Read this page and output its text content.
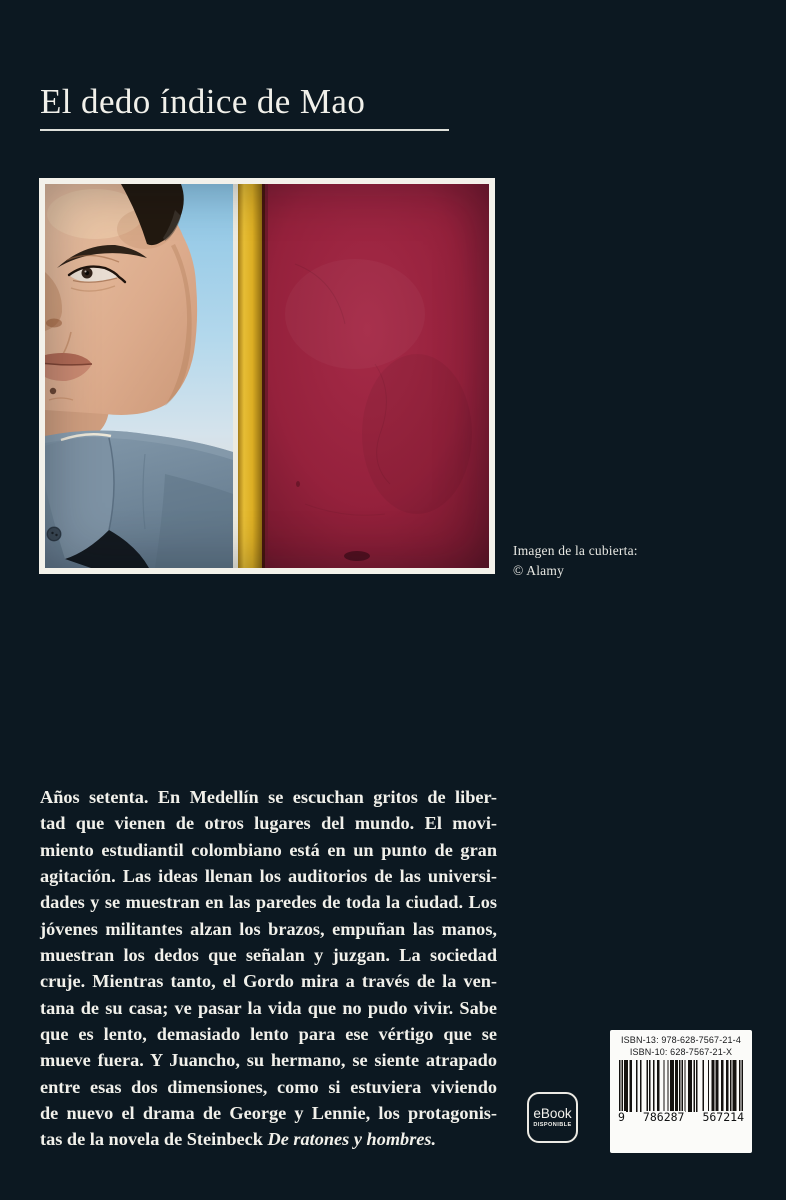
El dedo índice de Mao
Imagen de la cubierta:
© Alamy
Años setenta. En Medellín se escuchan gritos de liber-
tad que vienen de otros lugares del mundo. El movi-
miento estudiantil colombiano está en un punto de gran
agitación. Las ideas llenan los auditorios de las universi-
dades y se muestran en las paredes de toda la ciudad. Los
jóvenes militantes alzan los brazos, empuñan las manos,
muestran los dedos que señalan y juzgan. La sociedad
cruje. Mientras tanto, el Gordo mira a través de la ven-
tana de su casa; ve pasar la vida que no pudo vivir. Sabe
que es lento, demasiado lento para ese vértigo que se
mueve fuera. Y Juancho, su hermano, se siente atrapado
entre esas dos dimensiones, como si estuviera viviendo
de nuevo el drama de George y Lennie, los protagonis-
tas de la novela de Steinbeck De ratones y hombres.
ISBN-13: 978-628-7567-21-4
ISBN-10: 628-7567-21-X
9 786287 567214
eBook
DISPONIBLE
